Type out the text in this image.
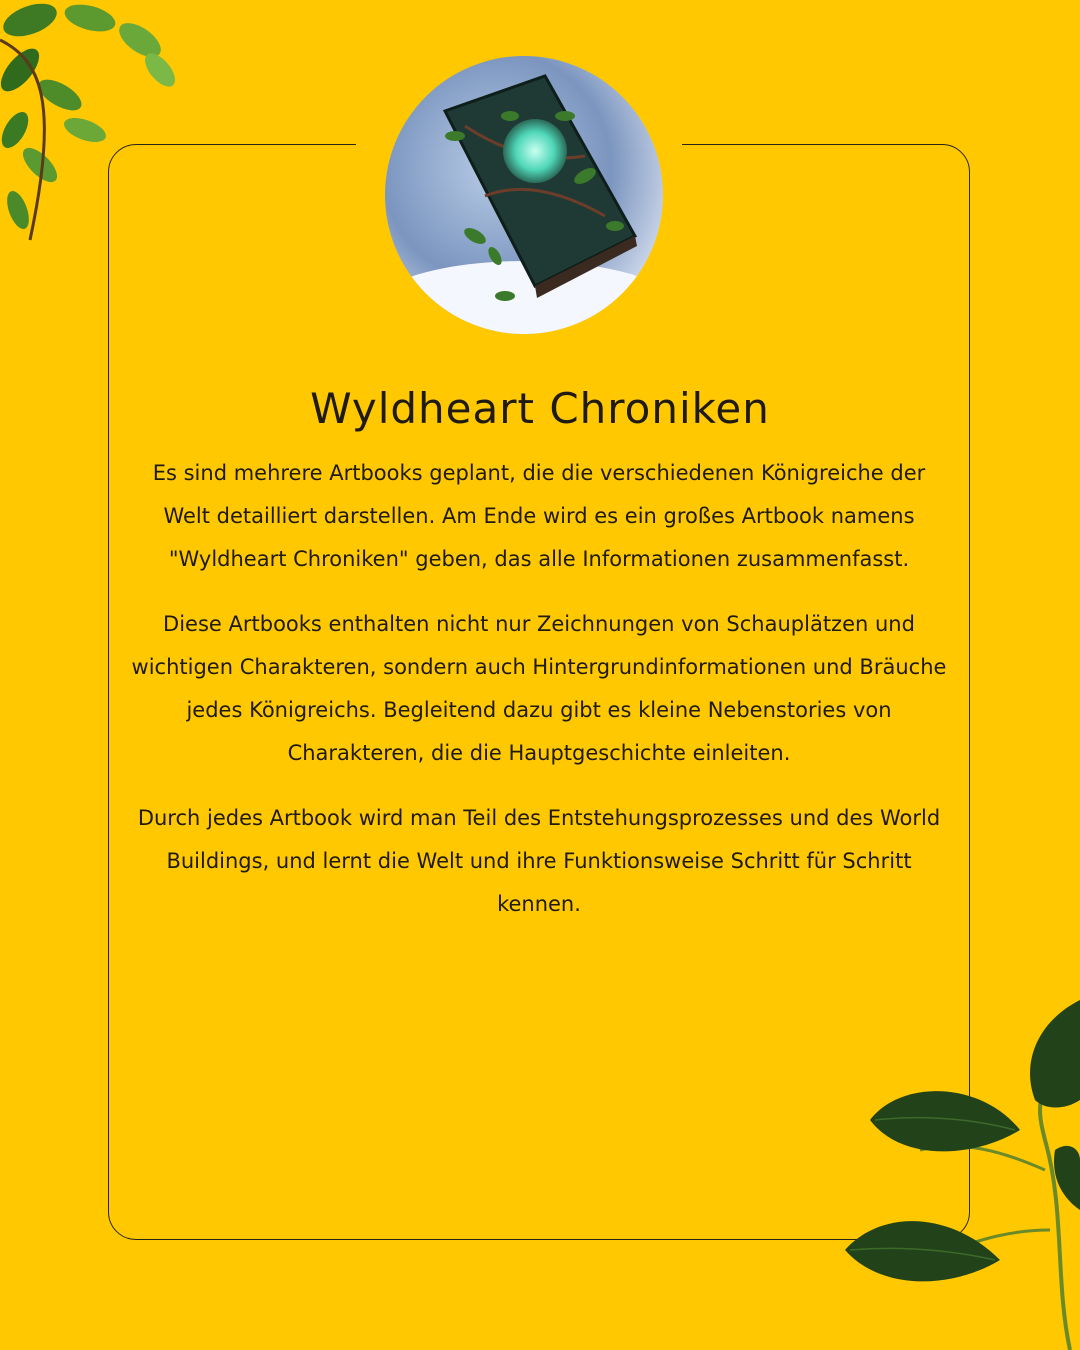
Wyldheart Chroniken

Es sind mehrere Artbooks geplant, die die verschiedenen Königreiche der Welt detailliert darstellen. Am Ende wird es ein großes Artbook namens "Wyldheart Chroniken" geben, das alle Informationen zusammenfasst.

Diese Artbooks enthalten nicht nur Zeichnungen von Schauplätzen und wichtigen Charakteren, sondern auch Hintergrundinformationen und Bräuche jedes Königreichs. Begleitend dazu gibt es kleine Nebenstories von Charakteren, die die Hauptgeschichte einleiten.

Durch jedes Artbook wird man Teil des Entstehungsprozesses und des World Buildings, und lernt die Welt und ihre Funktionsweise Schritt für Schritt kennen.
